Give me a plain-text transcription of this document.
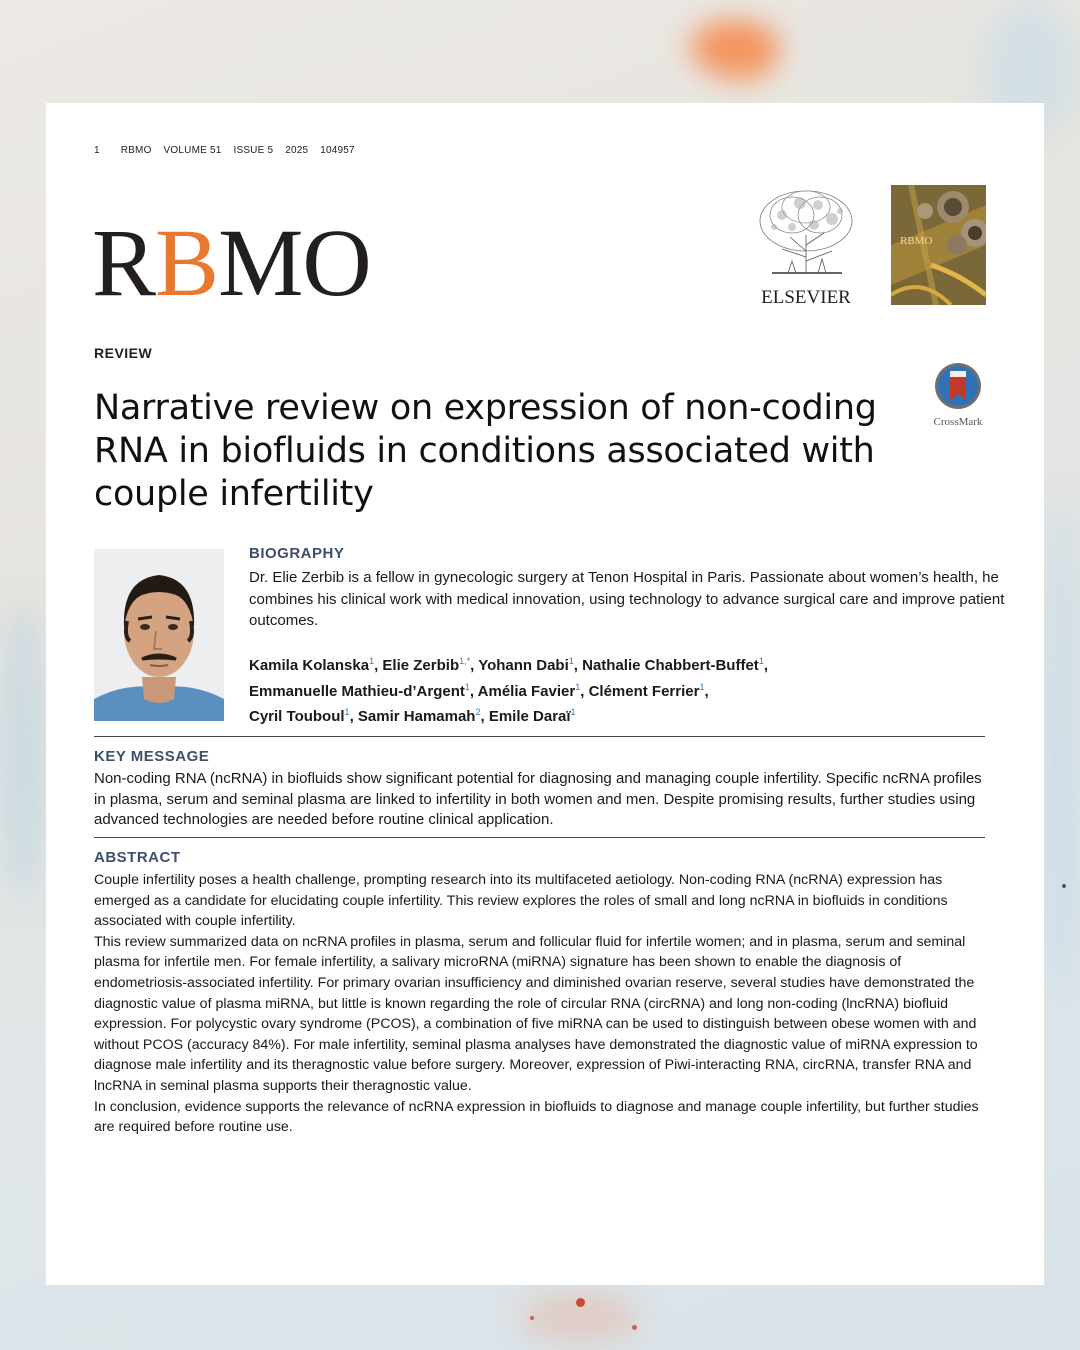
1 RBMO VOLUME 51 ISSUE 5 2025 104957
RBMO	ELSEVIER
RBMO
REVIEW
CrossMark
Narrative review on expression of non-coding RNA in biofluids in conditions associated with couple infertility
BIOGRAPHY
Dr. Elie Zerbib is a fellow in gynecologic surgery at Tenon Hospital in Paris. Passionate about women’s health, he combines his clinical work with medical innovation, using technology to advance surgical care and improve patient outcomes.
Kamila Kolanska$^1$, Elie Zerbib$^{1,*}$, Yohann Dabi$^1$, Nathalie Chabbert-Buffet$^1$,
Emmanuelle Mathieu-d’Argent$^1$, Amélia Favier$^1$, Clément Ferrier$^1$,
Cyril Touboul$^1$, Samir Hamamah$^2$, Emile Daraï$^1$
KEY MESSAGE
Non-coding RNA (ncRNA) in biofluids show significant potential for diagnosing and managing couple infertility. Specific ncRNA profiles in plasma, serum and seminal plasma are linked to infertility in both women and men. Despite promising results, further studies using advanced technologies are needed before routine clinical application.
ABSTRACT

Couple infertility poses a health challenge, prompting research into its multifaceted aetiology. Non-coding RNA (ncRNA) expression has emerged as a candidate for elucidating couple infertility. This review explores the roles of small and long ncRNA in biofluids in conditions associated with couple infertility.

This review summarized data on ncRNA profiles in plasma, serum and follicular fluid for infertile women; and in plasma, serum and seminal plasma for infertile men. For female infertility, a salivary microRNA (miRNA) signature has been shown to enable the diagnosis of endometriosis-associated infertility. For primary ovarian insufficiency and diminished ovarian reserve, several studies have demonstrated the diagnostic value of plasma miRNA, but little is known regarding the role of circular RNA (circRNA) and long non-coding (lncRNA) biofluid expression. For polycystic ovary syndrome (PCOS), a combination of five miRNA can be used to distinguish between obese women with and without PCOS (accuracy 84%). For male infertility, seminal plasma analyses have demonstrated the diagnostic value of miRNA expression to diagnose male infertility and its theragnostic value before surgery. Moreover, expression of Piwi-interacting RNA, circRNA, transfer RNA and lncRNA in seminal plasma supports their theragnostic value.

In conclusion, evidence supports the relevance of ncRNA expression in biofluids to diagnose and manage couple infertility, but further studies are required before routine use.
